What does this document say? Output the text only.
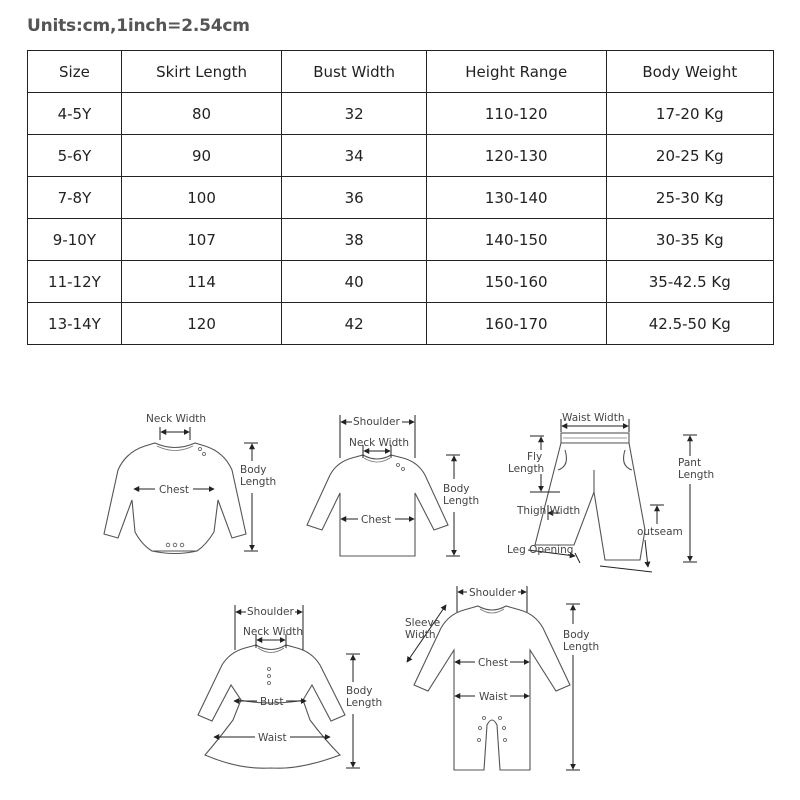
Units:cm,1inch=2.54cm
Size	Skirt Length	Bust Width	Height Range	Body Weight
4-5Y	80	32	110-120	17-20 Kg
5-6Y	90	34	120-130	20-25 Kg
7-8Y	100	36	130-140	25-30 Kg
9-10Y	107	38	140-150	30-35 Kg
11-12Y	114	40	150-160	35-42.5 Kg
13-14Y	120	42	160-170	42.5-50 Kg
Neck Width
Chest
Body
Length
Shoulder
Neck Width
Chest
Body
Length
Waist Width
Fly
Length	Pant
Length
Thigh Width
outseam
Leg Opening
Shoulder
Neck Width
Bust
Waist
Body
Length
Shoulder
Sleeve
Width
Chest
Waist
Body
Length
